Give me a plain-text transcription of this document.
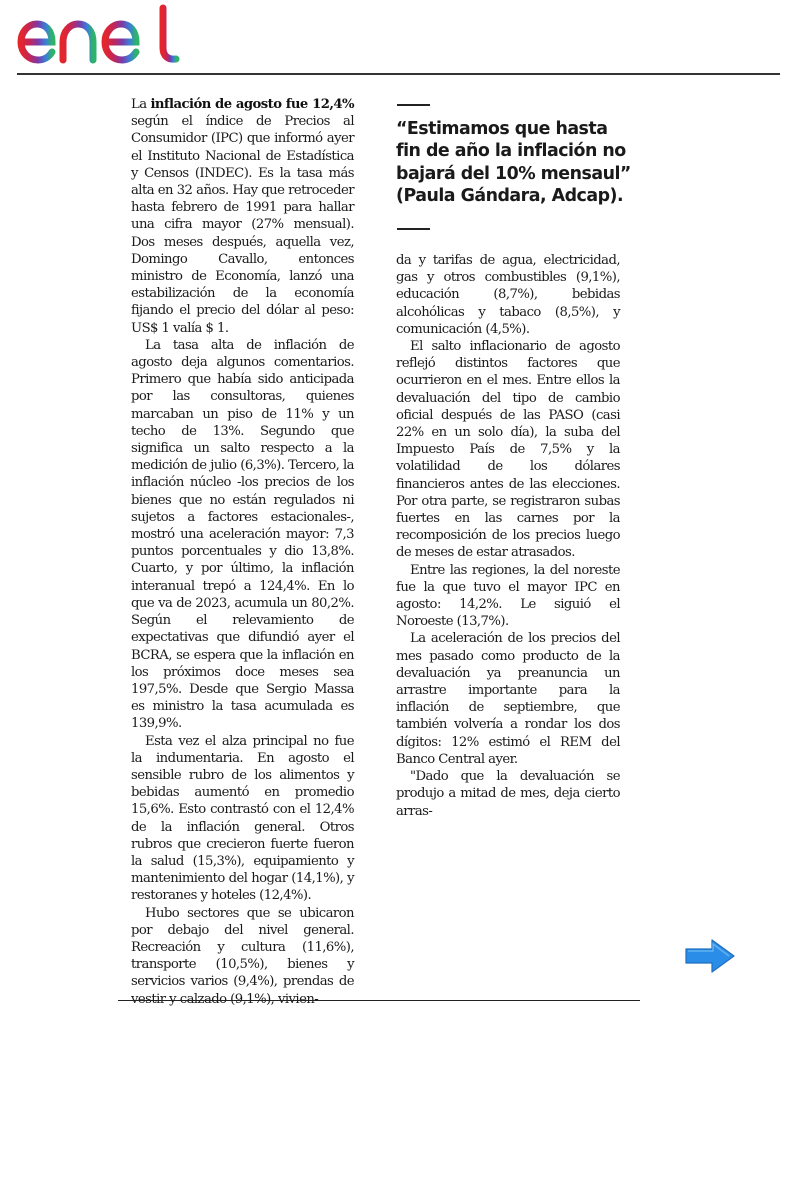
La inflación de agosto fue 12,4% según el índice de Precios al Consumidor (IPC) que informó ayer el Instituto Nacional de Estadística y Censos (INDEC). Es la tasa más alta en 32 años. Hay que retroceder hasta febrero de 1991 para hallar una cifra mayor (27% mensual). Dos meses después, aquella vez, Domingo Cavallo, entonces ministro de Economía, lanzó una estabilización de la economía fijando el precio del dólar al peso: US$ 1 valía $ 1.

La tasa alta de inflación de agosto deja algunos comentarios. Primero que había sido anticipada por las consultoras, quienes marcaban un piso de 11% y un techo de 13%. Segundo que significa un salto respecto a la medición de julio (6,3%). Tercero, la inflación núcleo -los precios de los bienes que no están regulados ni sujetos a factores estacionales-, mostró una aceleración mayor: 7,3 puntos porcentuales y dio 13,8%. Cuarto, y por último, la inflación interanual trepó a 124,4%. En lo que va de 2023, acumula un 80,2%. Según el relevamiento de expectativas que difundió ayer el BCRA, se espera que la inflación en los próximos doce meses sea 197,5%. Desde que Sergio Massa es ministro la tasa acumulada es 139,9%.

Esta vez el alza principal no fue la indumentaria. En agosto el sensible rubro de los alimentos y bebidas aumentó en promedio 15,6%. Esto contrastó con el 12,4% de la inflación general. Otros rubros que crecieron fuerte fueron la salud (15,3%), equipamiento y mantenimiento del hogar (14,1%), y restoranes y hoteles (12,4%).

Hubo sectores que se ubicaron por debajo del nivel general. Recreación y cultura (11,6%), transporte (10,5%), bienes y servicios varios (9,4%), prendas de

“Estimamos que hasta fin de año la inflación no bajará del 10% mensaul” (Paula Gándara, Adcap).

da y tarifas de agua, electricidad, gas y otros combustibles (9,1%), educación (8,7%), bebidas alcohólicas y tabaco (8,5%), y comunicación (4,5%).

El salto inflacionario de agosto reflejó distintos factores que ocurrieron en el mes. Entre ellos la devaluación del tipo de cambio oficial después de las PASO (casi 22% en un solo día), la suba del Impuesto País de 7,5% y la volatilidad de los dólares financieros antes de las elecciones. Por otra parte, se registraron subas fuertes en las carnes por la recomposición de los precios luego de meses de estar atrasados.

Entre las regiones, la del noreste fue la que tuvo el mayor IPC en agosto: 14,2%. Le siguió el Noroeste (13,7%).

La aceleración de los precios del mes pasado como producto de la devaluación ya preanuncia un arrastre importante para la inflación de septiembre, que también volvería a rondar los dos dígitos: 12% estimó el REM del Banco Central ayer.

"Dado que la devaluación se produjo a mitad de mes, deja cierto arras-
